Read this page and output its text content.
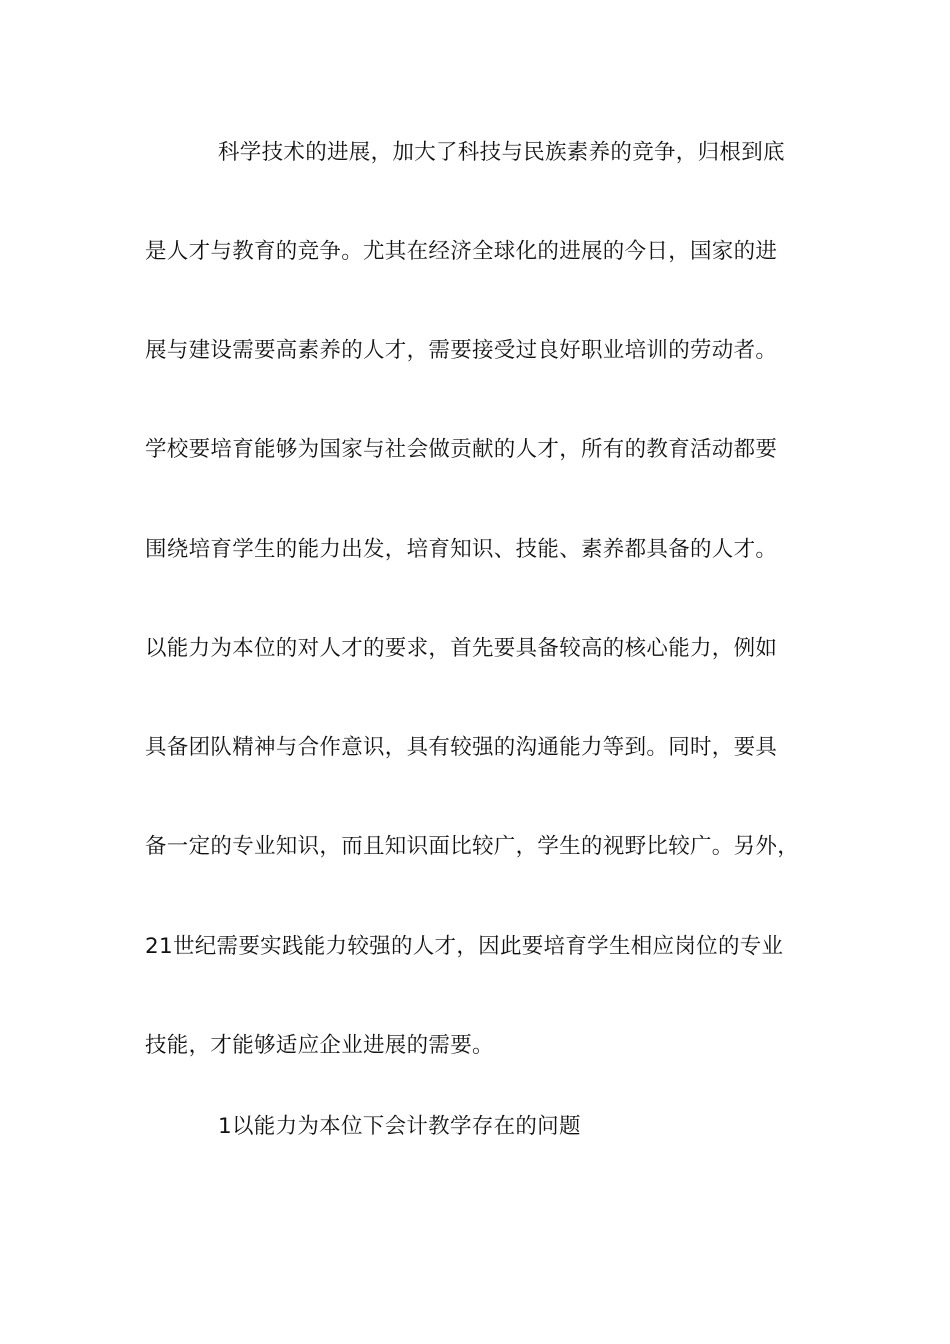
科学技术的进展，加大了科技与民族素养的竞争，归根到底
是人才与教育的竞争。尤其在经济全球化的进展的今日，国家的进
展与建设需要高素养的人才，需要接受过良好职业培训的劳动者。
学校要培育能够为国家与社会做贡献的人才，所有的教育活动都要
围绕培育学生的能力出发，培育知识、技能、素养都具备的人才。
以能力为本位的对人才的要求，首先要具备较高的核心能力，例如
具备团队精神与合作意识，具有较强的沟通能力等到。同时，要具
备一定的专业知识，而且知识面比较广，学生的视野比较广。另外，
21世纪需要实践能力较强的人才，因此要培育学生相应岗位的专业
技能，才能够适应企业进展的需要。
1以能力为本位下会计教学存在的问题
